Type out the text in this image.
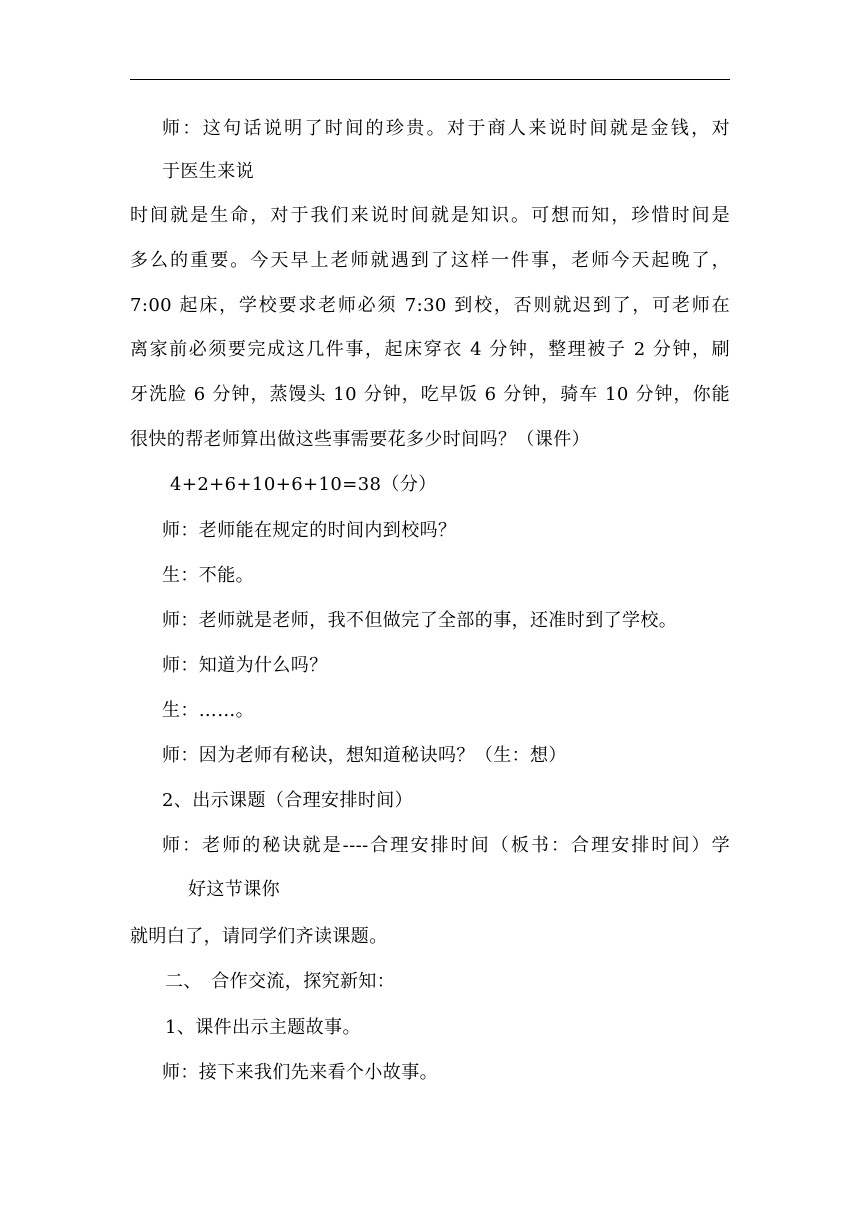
师：这句话说明了时间的珍贵。对于商人来说时间就是金钱，对
于医生来说
时间就是生命，对于我们来说时间就是知识。可想而知，珍惜时间是
多么的重要。今天早上老师就遇到了这样一件事，老师今天起晚了，
7:00 起床，学校要求老师必须 7:30 到校，否则就迟到了，可老师在
离家前必须要完成这几件事，起床穿衣 4 分钟，整理被子 2 分钟，刷
牙洗脸 6 分钟，蒸馒头 10 分钟，吃早饭 6 分钟，骑车 10 分钟，你能
很快的帮老师算出做这些事需要花多少时间吗？（课件）
4+2+6+10+6+10=38（分）
师：老师能在规定的时间内到校吗？
生：不能。
师：老师就是老师，我不但做完了全部的事，还准时到了学校。
师：知道为什么吗？
生：……。
师：因为老师有秘诀，想知道秘诀吗？（生：想）
2、出示课题（合理安排时间）
师：老师的秘诀就是----合理安排时间（板书：合理安排时间）学
好这节课你
就明白了，请同学们齐读课题。
二、　合作交流，探究新知：
1、课件出示主题故事。
师：接下来我们先来看个小故事。
